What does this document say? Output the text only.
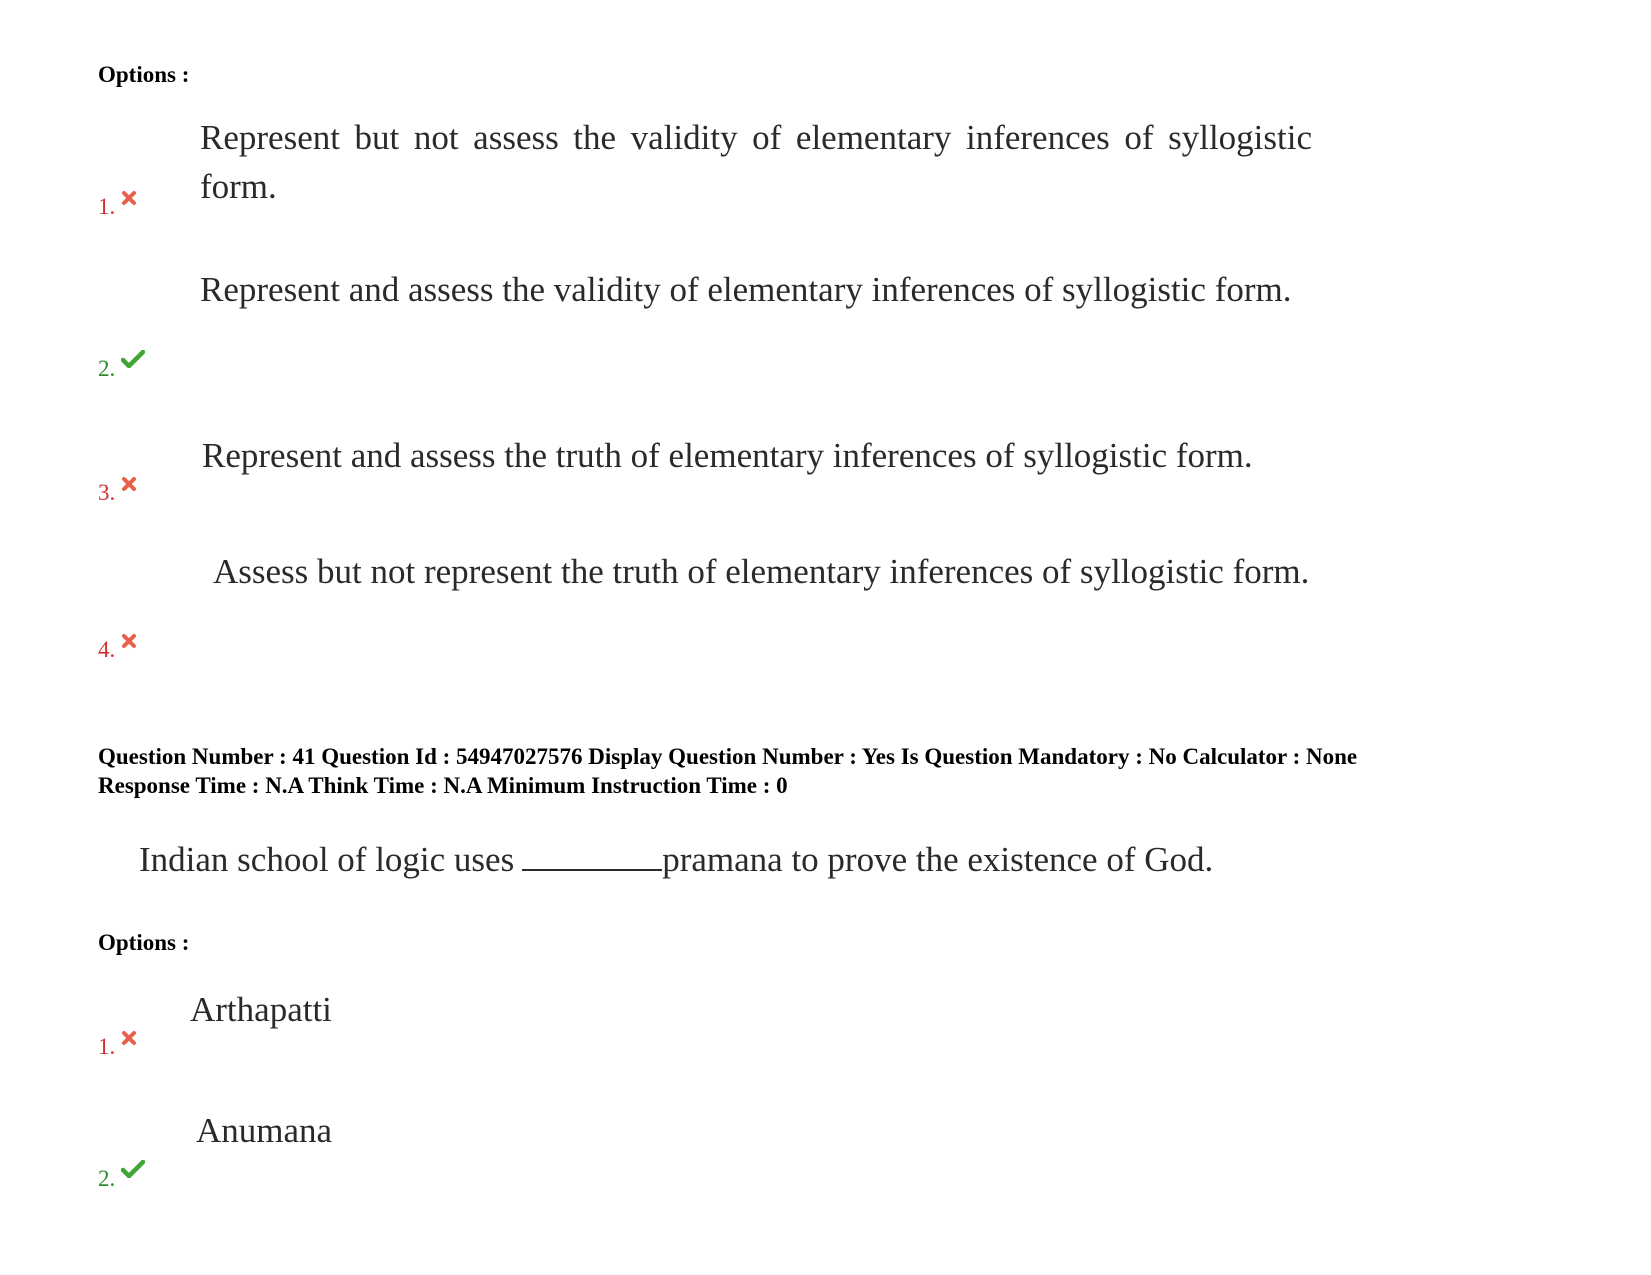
Options :
Represent but not assess the validity of elementary inferences of syllogistic form.
1.
Represent and assess the validity of elementary inferences of syllogistic form.
2.
Represent and assess the truth of elementary inferences of syllogistic form.
3.
Assess but not represent the truth of elementary inferences of syllogistic form.
4.
Question Number : 41 Question Id : 54947027576 Display Question Number : Yes Is Question Mandatory : No Calculator : None
Response Time : N.A Think Time : N.A Minimum Instruction Time : 0
Indian school of logic uses	pramana to prove the existence of God.
Options :
Arthapatti
1.
Anumana
2.
